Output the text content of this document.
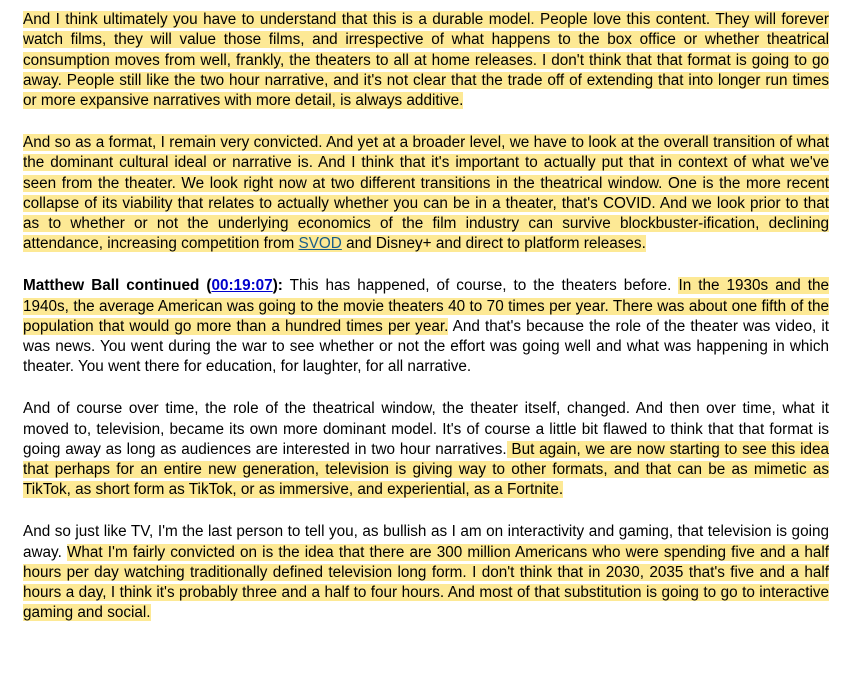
And I think ultimately you have to understand that this is a durable model. People love this content. They will forever watch films, they will value those films, and irrespective of what happens to the box office or whether theatrical consumption moves from well, frankly, the theaters to all at home releases. I don't think that that format is going to go away. People still like the two hour narrative, and it's not clear that the trade off of extending that into longer run times or more expansive narratives with more detail, is always additive.

And so as a format, I remain very convicted. And yet at a broader level, we have to look at the overall transition of what the dominant cultural ideal or narrative is. And I think that it's important to actually put that in context of what we've seen from the theater. We look right now at two different transitions in the theatrical window. One is the more recent collapse of its viability that relates to actually whether you can be in a theater, that's COVID. And we look prior to that as to whether or not the underlying economics of the film industry can survive blockbuster-ification, declining attendance, increasing competition from SVOD and Disney+ and direct to platform releases.

Matthew Ball continued (00:19:07): This has happened, of course, to the theaters before. In the 1930s and the 1940s, the average American was going to the movie theaters 40 to 70 times per year. There was about one fifth of the population that would go more than a hundred times per year. And that's because the role of the theater was video, it was news. You went during the war to see whether or not the effort was going well and what was happening in which theater. You went there for education, for laughter, for all narrative.

And of course over time, the role of the theatrical window, the theater itself, changed. And then over time, what it moved to, television, became its own more dominant model. It's of course a little bit flawed to think that that format is going away as long as audiences are interested in two hour narratives. But again, we are now starting to see this idea that perhaps for an entire new generation, television is giving way to other formats, and that can be as mimetic as TikTok, as short form as TikTok, or as immersive, and experiential, as a Fortnite.

And so just like TV, I'm the last person to tell you, as bullish as I am on interactivity and gaming, that television is going away. What I'm fairly convicted on is the idea that there are 300 million Americans who were spending five and a half hours per day watching traditionally defined television long form. I don't think that in 2030, 2035 that's five and a half hours a day, I think it's probably three and a half to four hours. And most of that substitution is going to go to interactive gaming and social.
